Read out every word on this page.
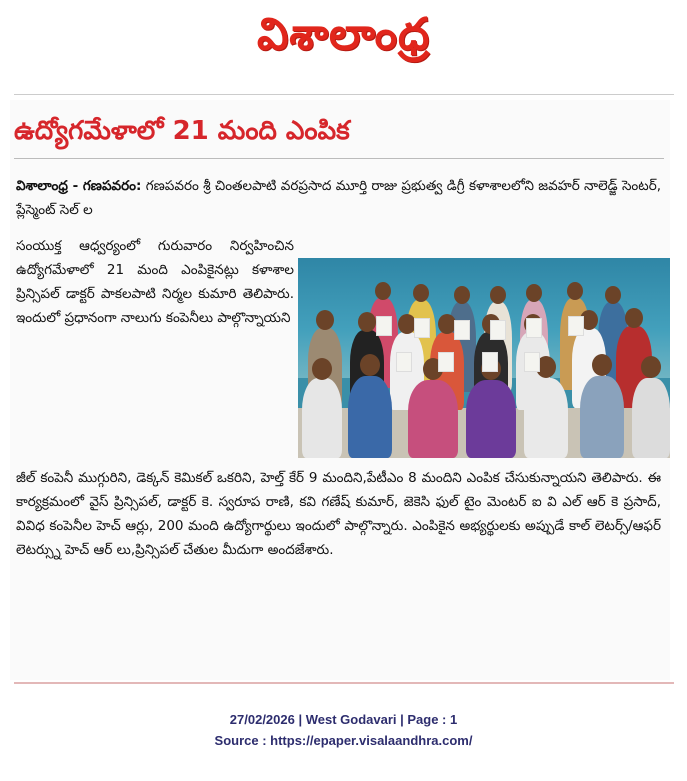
విశాలాంధ్ర
ఉద్యోగమేళాలో 21 మంది ఎంపిక
విశాలాంధ్ర - గణపవరం: గణపవరం శ్రీ చింతలపాటి వరప్రసాద మూర్తి రాజు ప్రభుత్వ డిగ్రీ కళాశాలలోని జవహర్ నాలెడ్జ్ సెంటర్, ప్లేస్మెంట్ సెల్ ల
సంయుక్త ఆధ్వర్యంలో గురువారం నిర్వహించిన ఉద్యోగమేళాలో 21 మంది ఎంపికైనట్లు కళాశాల ప్రిన్సిపల్ డాక్టర్ పాకలపాటి నిర్మల కుమారి తెలిపారు. ఇందులో ప్రధానంగా నాలుగు కంపెనీలు పాల్గొన్నాయని
జీల్ కంపెనీ ముగ్గురిని, డెక్కన్ కెమికల్ ఒకరిని, హెల్త్ కేర్ 9 మందిని,పేటీఎం 8 మందిని ఎంపిక చేసుకున్నాయని తెలిపారు. ఈ కార్యక్రమంలో వైస్ ప్రిన్సిపల్, డాక్టర్ కె. స్వరూప రాణి, కవి గణేష్ కుమార్, జెకెసి ఫుల్ టైం మెంటర్ ఐ వి ఎల్ ఆర్ కె ప్రసాద్, వివిధ కంపెనీల హెచ్ ఆర్లు, 200 మంది ఉద్యోగార్థులు ఇందులో పాల్గొన్నారు. ఎంపికైన అభ్యర్థులకు అప్పుడే కాల్ లెటర్స్/ఆఫర్ లెటర్స్ను హెచ్ ఆర్ లు,ప్రిన్సిపల్ చేతుల మీదుగా అందజేశారు.
27/02/2026 | West Godavari | Page : 1
Source : https://epaper.visalaandhra.com/
